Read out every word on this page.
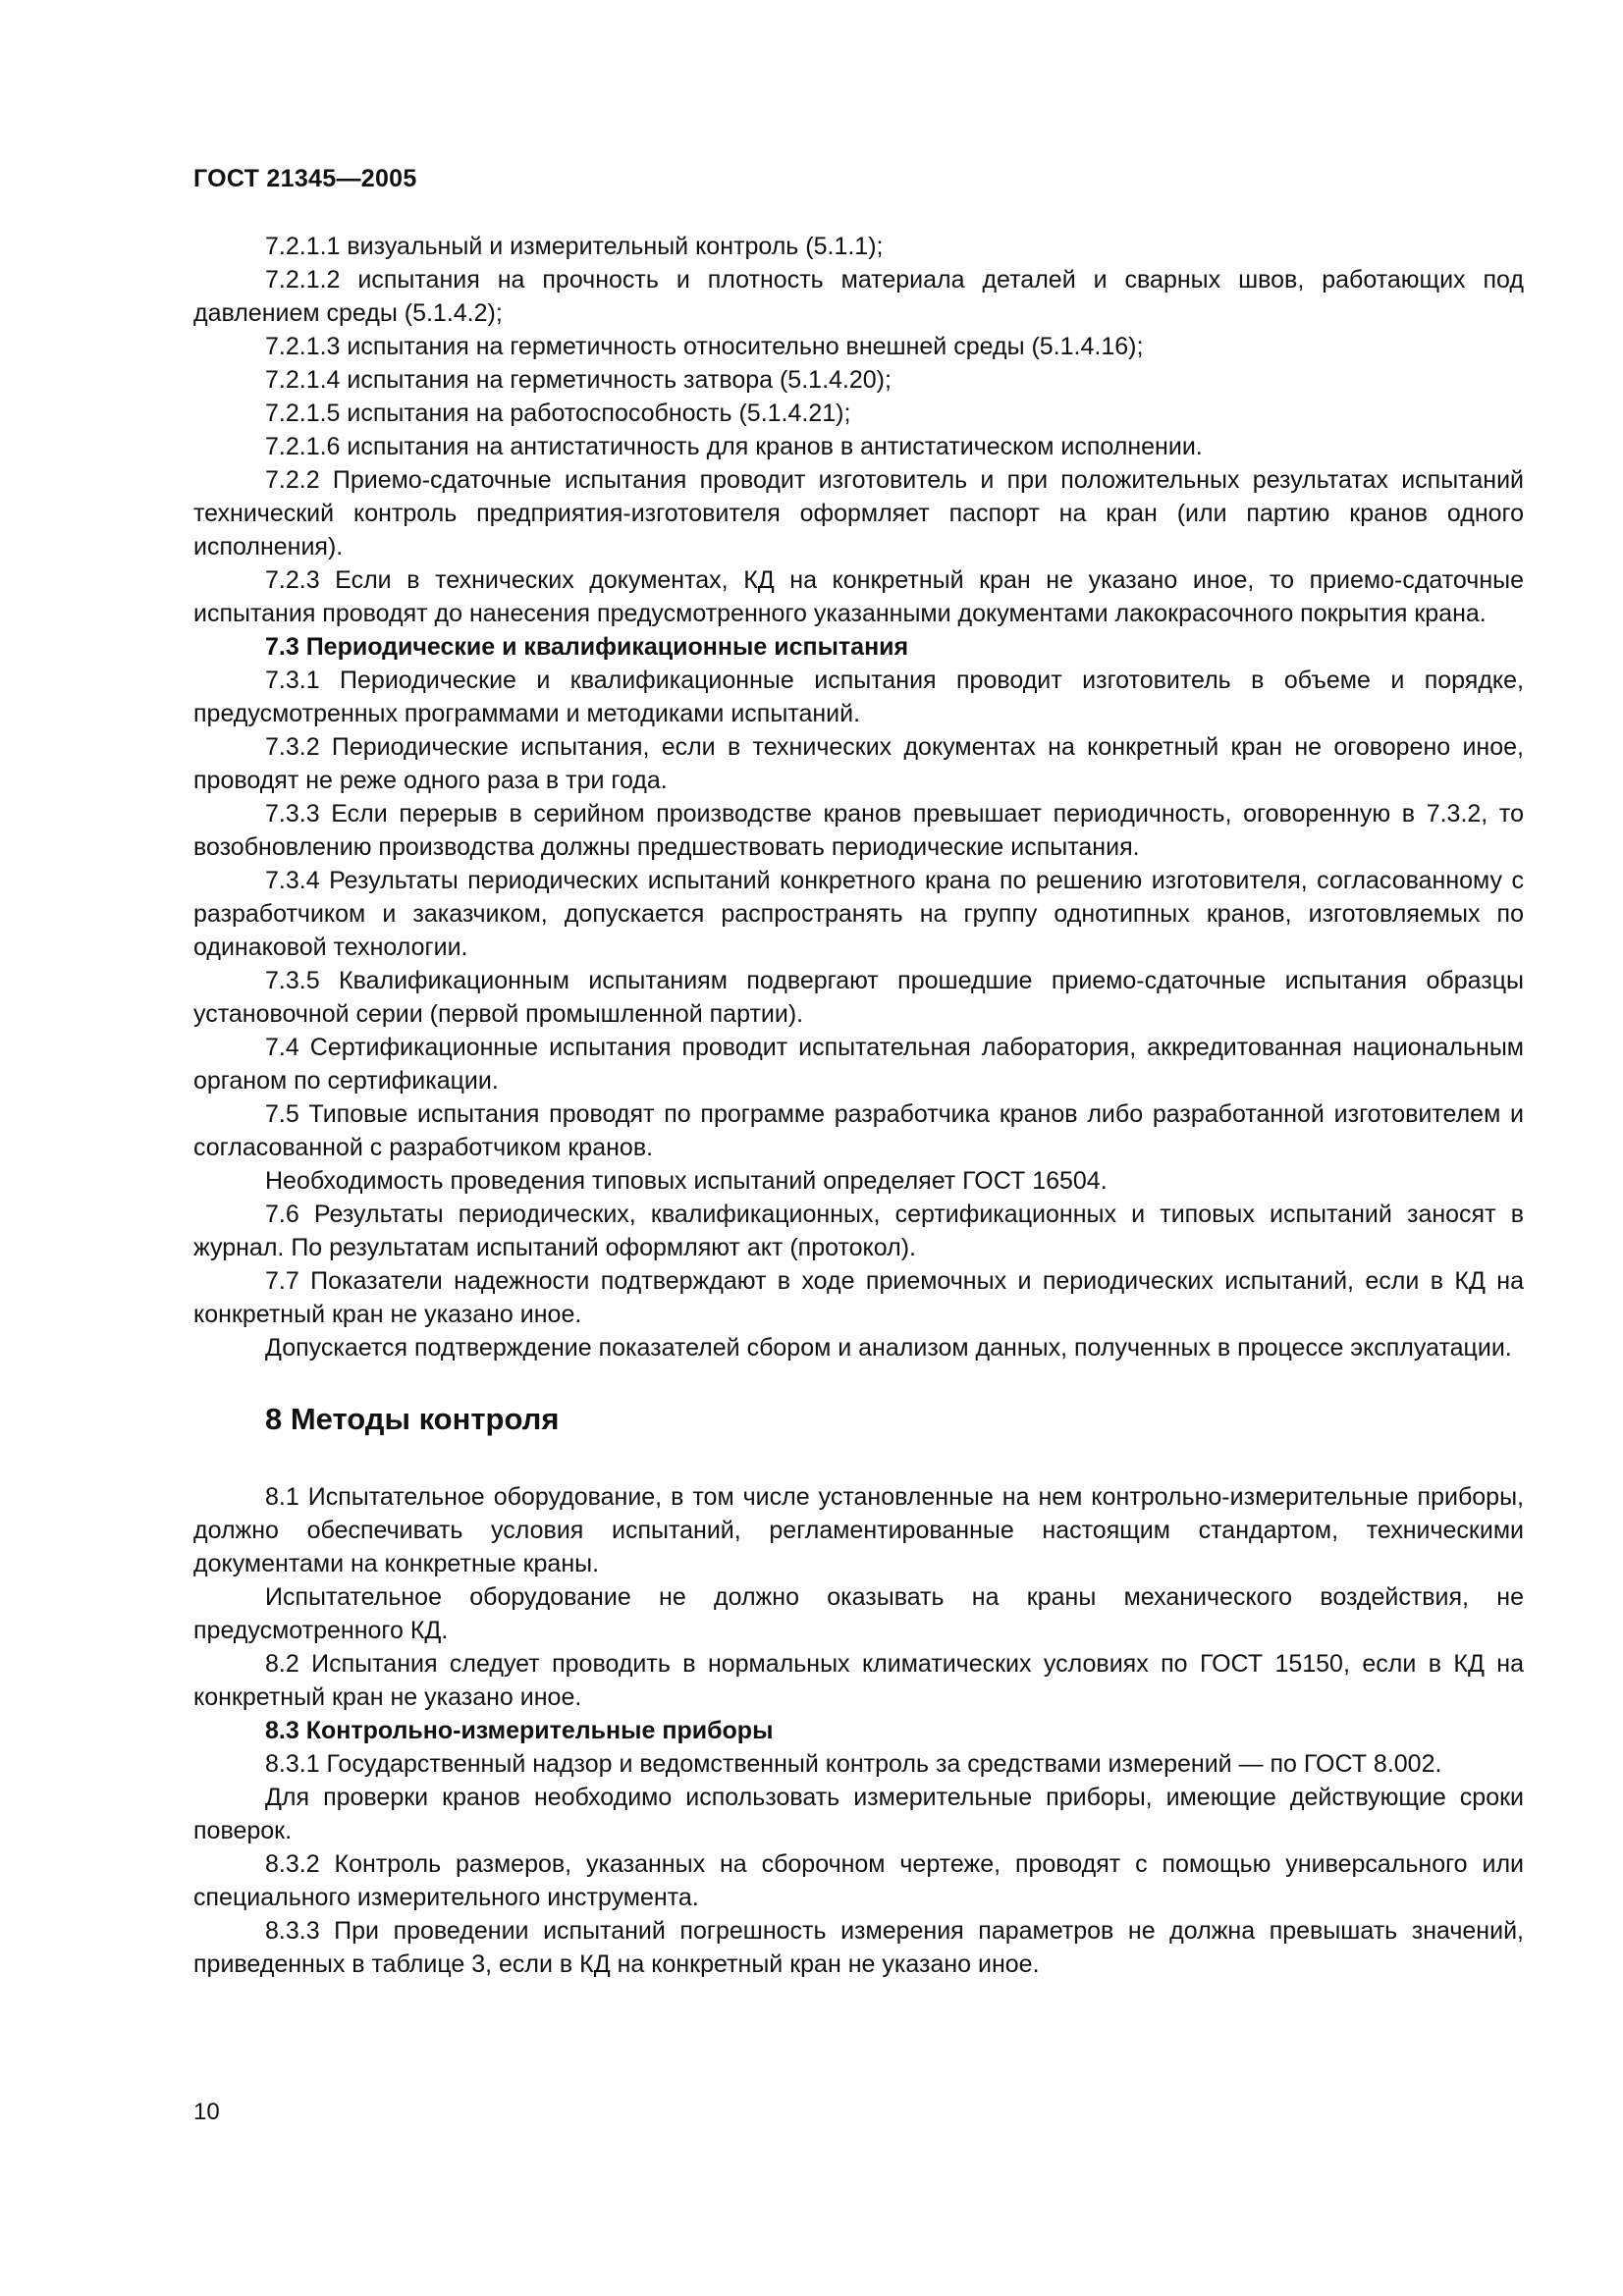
ГОСТ 21345—2005

7.2.1.1 визуальный и измерительный контроль (5.1.1);

7.2.1.2 испытания на прочность и плотность материала деталей и сварных швов, работающих под давлением среды (5.1.4.2);

7.2.1.3 испытания на герметичность относительно внешней среды (5.1.4.16);

7.2.1.4 испытания на герметичность затвора (5.1.4.20);

7.2.1.5 испытания на работоспособность (5.1.4.21);

7.2.1.6 испытания на антистатичность для кранов в антистатическом исполнении.

7.2.2 Приемо-сдаточные испытания проводит изготовитель и при положительных результатах испытаний технический контроль предприятия-изготовителя оформляет паспорт на кран (или партию кранов одного исполнения).

7.2.3 Если в технических документах, КД на конкретный кран не указано иное, то приемо-сдаточные испытания проводят до нанесения предусмотренного указанными документами лакокрасочного покрытия крана.

7.3 Периодические и квалификационные испытания

7.3.1 Периодические и квалификационные испытания проводит изготовитель в объеме и порядке, предусмотренных программами и методиками испытаний.

7.3.2 Периодические испытания, если в технических документах на конкретный кран не оговорено иное, проводят не реже одного раза в три года.

7.3.3 Если перерыв в серийном производстве кранов превышает периодичность, оговоренную в 7.3.2, то возобновлению производства должны предшествовать периодические испытания.

7.3.4 Результаты периодических испытаний конкретного крана по решению изготовителя, согласованному с разработчиком и заказчиком, допускается распространять на группу однотипных кранов, изготовляемых по одинаковой технологии.

7.3.5 Квалификационным испытаниям подвергают прошедшие приемо-сдаточные испытания образцы установочной серии (первой промышленной партии).

7.4 Сертификационные испытания проводит испытательная лаборатория, аккредитованная национальным органом по сертификации.

7.5 Типовые испытания проводят по программе разработчика кранов либо разработанной изготовителем и согласованной с разработчиком кранов.

Необходимость проведения типовых испытаний определяет ГОСТ 16504.

7.6 Результаты периодических, квалификационных, сертификационных и типовых испытаний заносят в журнал. По результатам испытаний оформляют акт (протокол).

7.7 Показатели надежности подтверждают в ходе приемочных и периодических испытаний, если в КД на конкретный кран не указано иное.

Допускается подтверждение показателей сбором и анализом данных, полученных в процессе эксплуатации.

8 Методы контроля

8.1 Испытательное оборудование, в том числе установленные на нем контрольно-измерительные приборы, должно обеспечивать условия испытаний, регламентированные настоящим стандартом, техническими документами на конкретные краны.

Испытательное оборудование не должно оказывать на краны механического воздействия, не предусмотренного КД.

8.2 Испытания следует проводить в нормальных климатических условиях по ГОСТ 15150, если в КД на конкретный кран не указано иное.

8.3 Контрольно-измерительные приборы

8.3.1 Государственный надзор и ведомственный контроль за средствами измерений — по ГОСТ 8.002.

Для проверки кранов необходимо использовать измерительные приборы, имеющие действующие сроки поверок.

8.3.2 Контроль размеров, указанных на сборочном чертеже, проводят с помощью универсального или специального измерительного инструмента.

8.3.3 При проведении испытаний погрешность измерения параметров не должна превышать значений, приведенных в таблице 3, если в КД на конкретный кран не указано иное.

10
